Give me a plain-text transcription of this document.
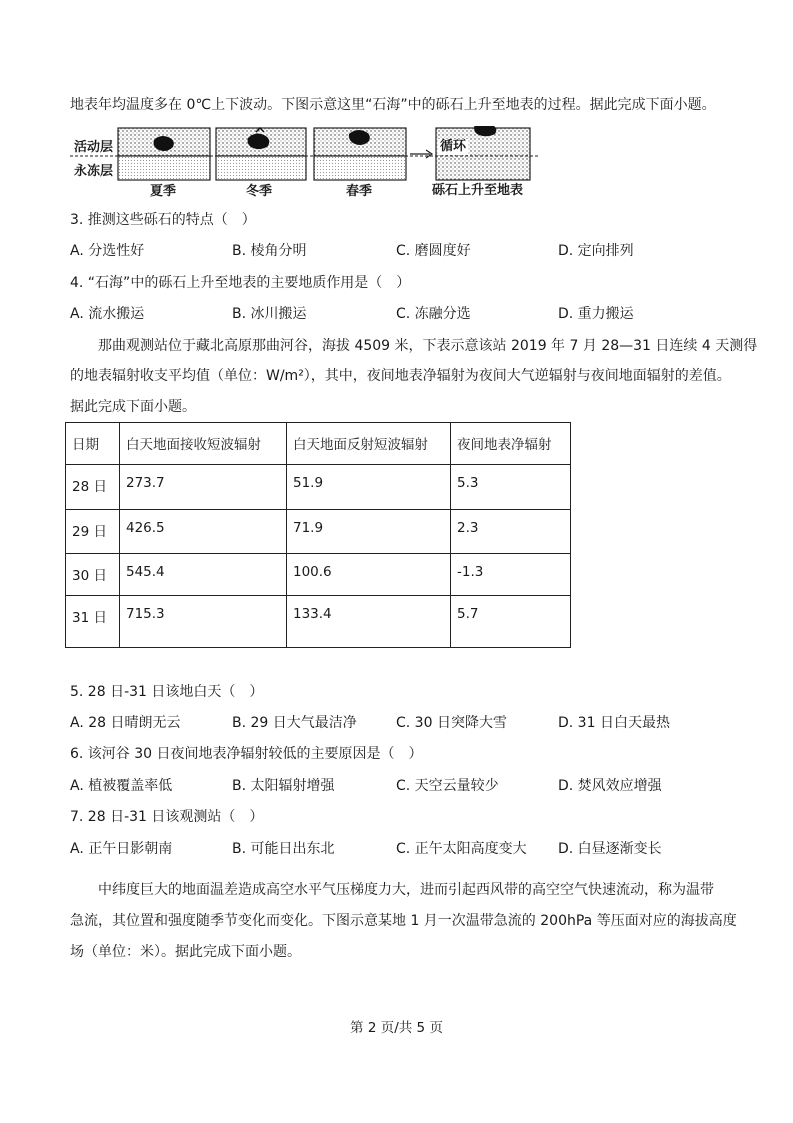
地表年均温度多在 0℃上下波动。下图示意这里“石海”中的砾石上升至地表的过程。据此完成下面小题。
活动层
永冻层
循环
夏季	冬季	春季	砾石上升至地表
3. 推测这些砾石的特点（　）
A. 分选性好	B. 棱角分明	C. 磨圆度好	D. 定向排列
4. “石海”中的砾石上升至地表的主要地质作用是（　）
A. 流水搬运	B. 冰川搬运	C. 冻融分选	D. 重力搬运
那曲观测站位于藏北高原那曲河谷，海拔 4509 米，下表示意该站 2019 年 7 月 28—31 日连续 4 天测得
的地表辐射收支平均值（单位：W/m²），其中，夜间地表净辐射为夜间大气逆辐射与夜间地面辐射的差值。
据此完成下面小题。
日期	白天地面接收短波辐射	白天地面反射短波辐射	夜间地表净辐射
28 日	273.7	51.9	5.3
29 日	426.5	71.9	2.3
30 日	545.4	100.6	-1.3
31 日	715.3	133.4	5.7
5. 28 日-31 日该地白天（　）
A. 28 日晴朗无云	B. 29 日大气最洁净	C. 30 日突降大雪	D. 31 日白天最热
6. 该河谷 30 日夜间地表净辐射较低的主要原因是（　）
A. 植被覆盖率低	B. 太阳辐射增强	C. 天空云量较少	D. 焚风效应增强
7. 28 日-31 日该观测站（　）
A. 正午日影朝南	B. 可能日出东北	C. 正午太阳高度变大 D. 白昼逐渐变长
中纬度巨大的地面温差造成高空水平气压梯度力大，进而引起西风带的高空空气快速流动，称为温带
急流，其位置和强度随季节变化而变化。下图示意某地 1 月一次温带急流的 200hPa 等压面对应的海拔高度
场（单位：米）。据此完成下面小题。
第 2 页/共 5 页
